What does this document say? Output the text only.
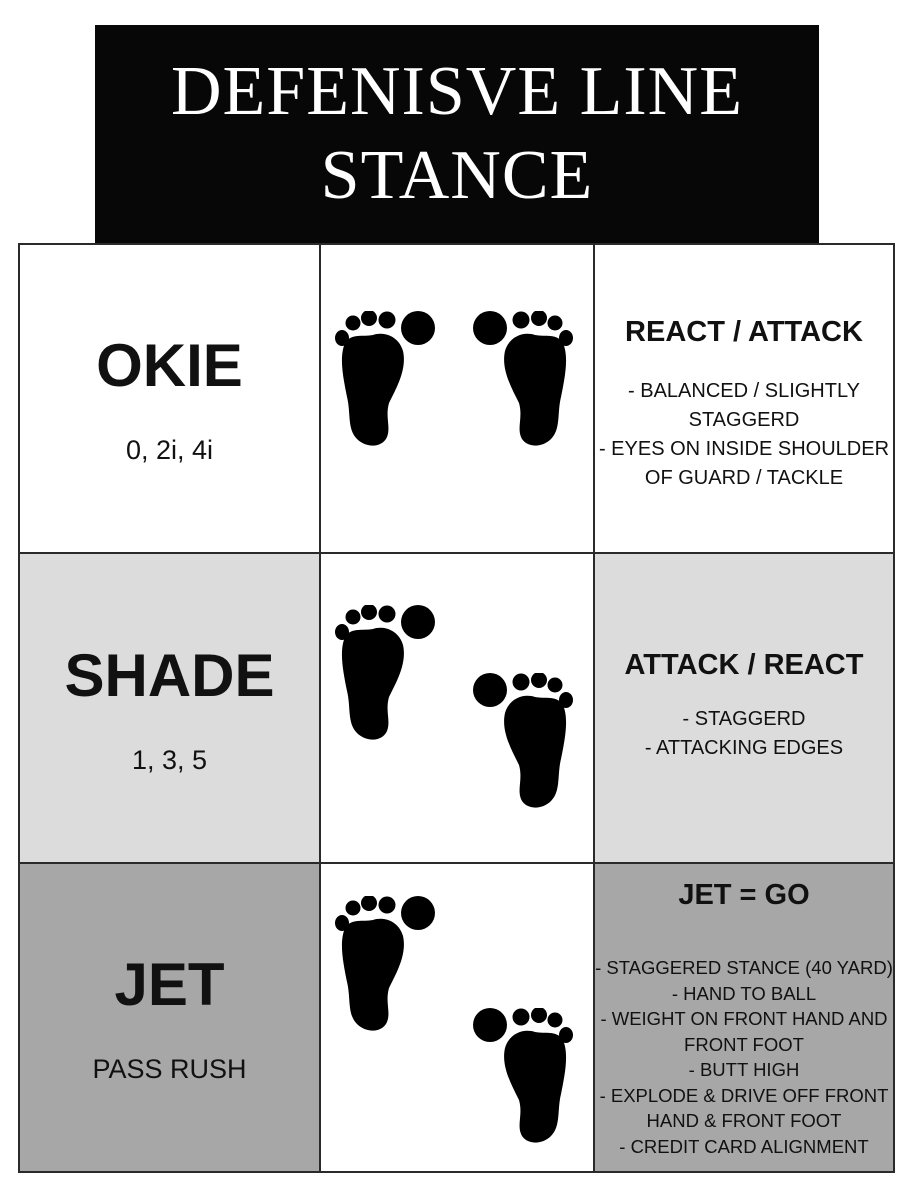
DEFENISVE LINE
STANCE
OKIE
0, 2i, 4i
REACT / ATTACK
- BALANCED / SLIGHTLY
STAGGERD
- EYES ON INSIDE SHOULDER
OF GUARD / TACKLE
SHADE
1, 3, 5
ATTACK / REACT
- STAGGERD
- ATTACKING EDGES
JET
PASS RUSH
JET = GO
- STAGGERED STANCE (40 YARD)
- HAND TO BALL
- WEIGHT ON FRONT HAND AND
FRONT FOOT
- BUTT HIGH
- EXPLODE & DRIVE OFF FRONT
HAND & FRONT FOOT
- CREDIT CARD ALIGNMENT
